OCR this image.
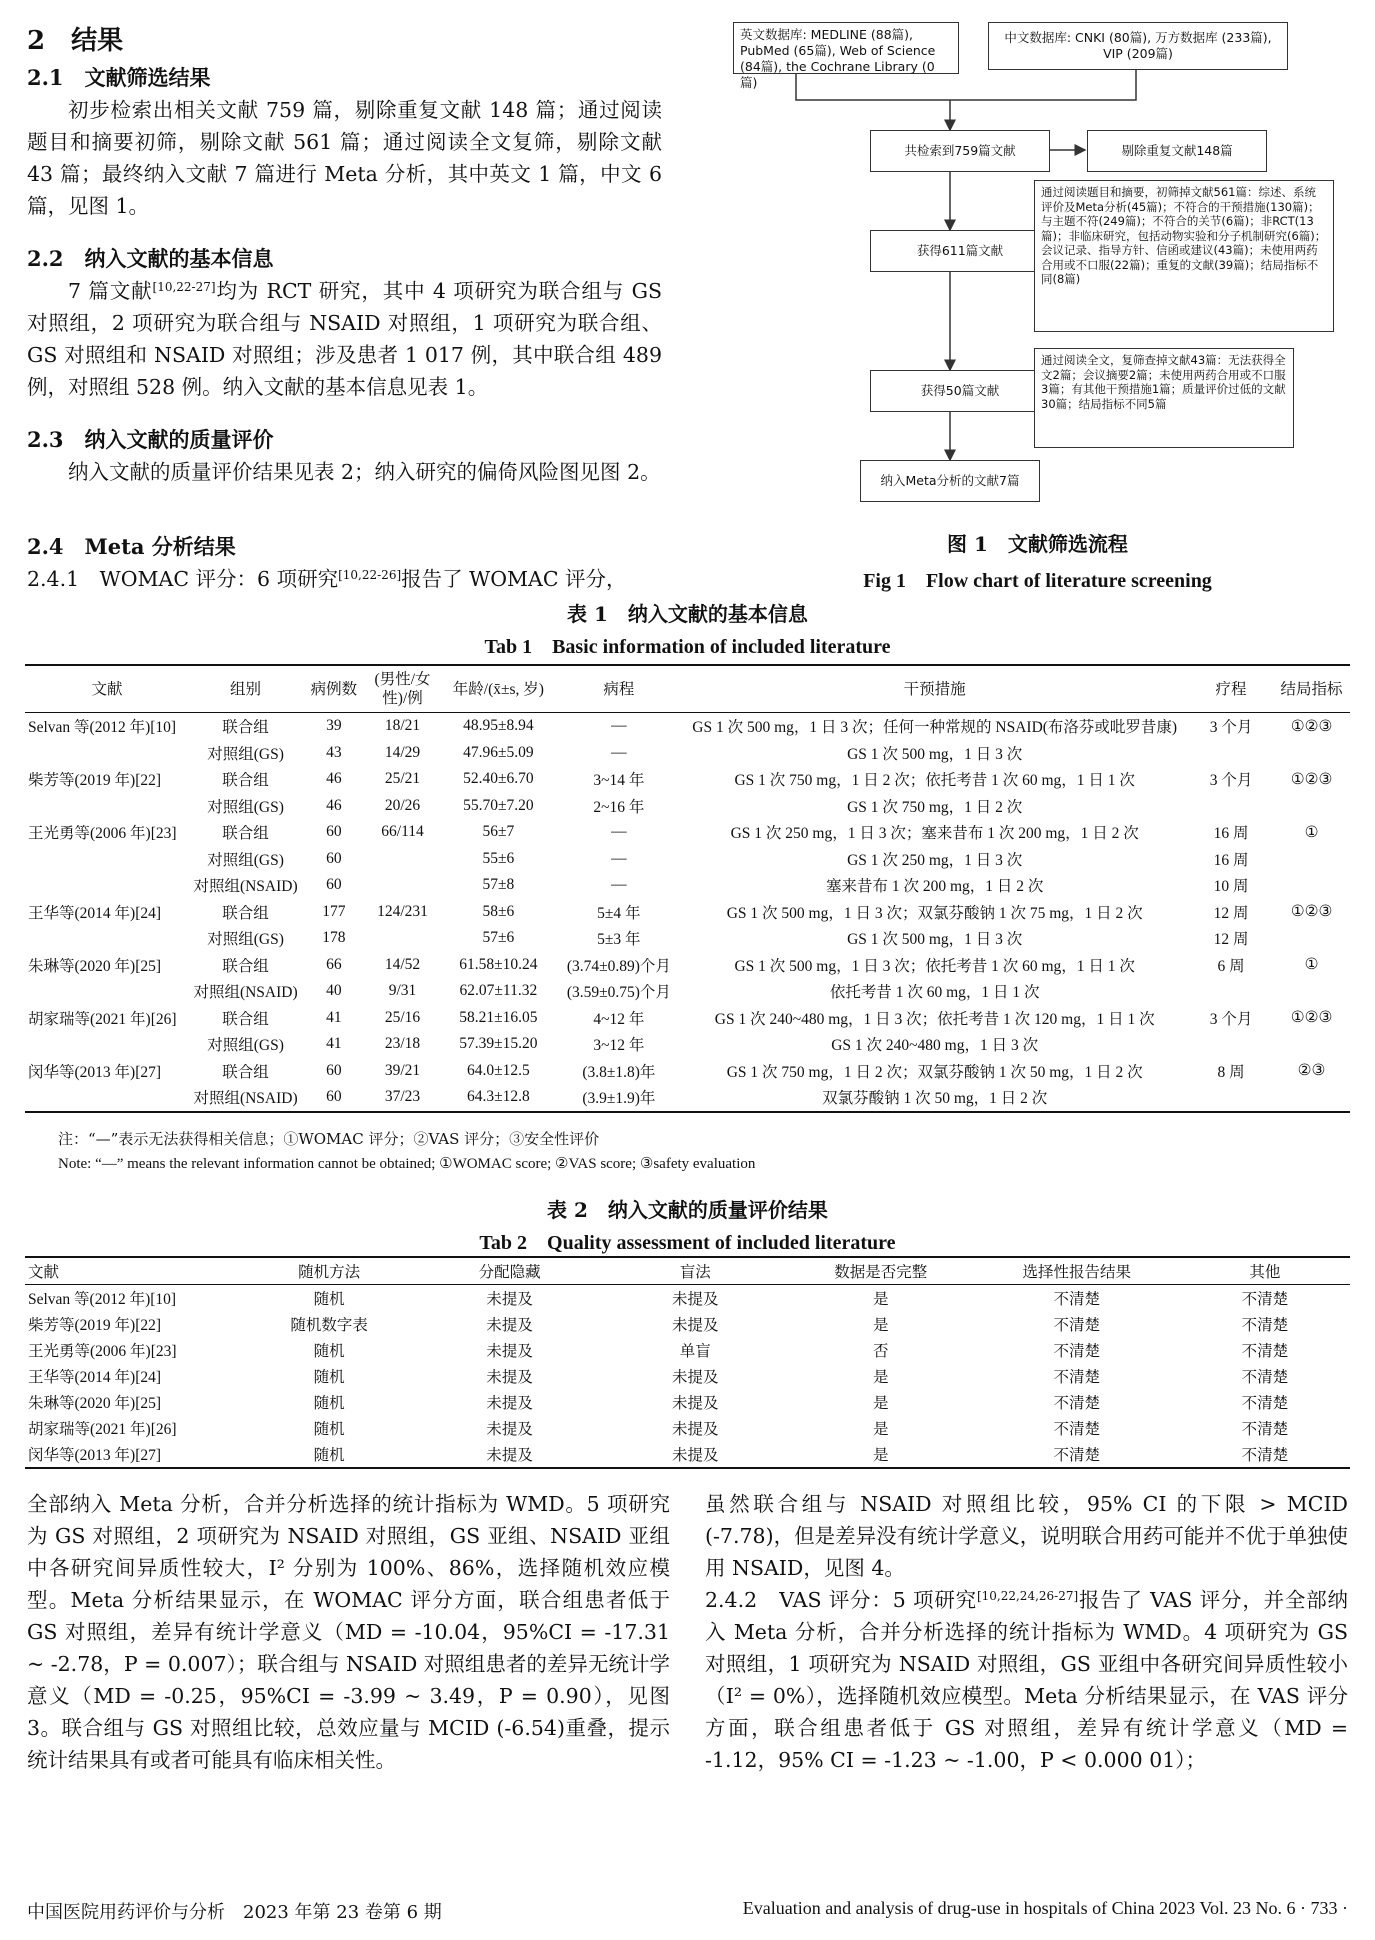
2　结果
2.1　文献筛选结果
初步检索出相关文献 759 篇，剔除重复文献 148 篇；通过阅读题目和摘要初筛，剔除文献 561 篇；通过阅读全文复筛，剔除文献 43 篇；最终纳入文献 7 篇进行 Meta 分析，其中英文 1 篇，中文 6 篇，见图 1。
2.2　纳入文献的基本信息
7 篇文献[10,22-27]均为 RCT 研究，其中 4 项研究为联合组与 GS 对照组，2 项研究为联合组与 NSAID 对照组，1 项研究为联合组、GS 对照组和 NSAID 对照组；涉及患者 1 017 例，其中联合组 489 例，对照组 528 例。纳入文献的基本信息见表 1。
2.3　纳入文献的质量评价
纳入文献的质量评价结果见表 2；纳入研究的偏倚风险图见图 2。
2.4　Meta 分析结果
2.4.1　WOMAC 评分：6 项研究[10,22-26]报告了 WOMAC 评分，
英文数据库: MEDLINE (88篇), PubMed (65篇), Web of Science (84篇), the Cochrane Library (0篇)
中文数据库: CNKI (80篇), 万方数据库 (233篇), VIP (209篇)
共检索到759篇文献	剔除重复文献148篇
获得611篇文献
通过阅读题目和摘要，初筛掉文献561篇：综述、系统评价及Meta分析(45篇)；不符合的干预措施(130篇)；与主题不符(249篇)；不符合的关节(6篇)；非RCT(13篇)；非临床研究，包括动物实验和分子机制研究(6篇)；会议记录、指导方针、信函或建议(43篇)；未使用两药合用或不口服(22篇)；重复的文献(39篇)；结局指标不同(8篇)
获得50篇文献
通过阅读全文，复筛查掉文献43篇：无法获得全文2篇；会议摘要2篇；未使用两药合用或不口服3篇；有其他干预措施1篇；质量评价过低的文献30篇；结局指标不同5篇
纳入Meta分析的文献7篇
图 1　文献筛选流程
Fig 1　Flow chart of literature screening
表 1　纳入文献的基本信息
Tab 1　Basic information of included literature
文献	组别	病例数	(男性/女性)/例	年龄/(x̄±s, 岁)	病程	干预措施	疗程	结局指标
Selvan 等(2012 年)[10]	联合组	39	18/21	48.95±8.94	—	GS 1 次 500 mg，1 日 3 次；任何一种常规的 NSAID(布洛芬或吡罗昔康)	3 个月	①②③
	对照组(GS)	43	14/29	47.96±5.09	—	GS 1 次 500 mg，1 日 3 次		
柴芳等(2019 年)[22]	联合组	46	25/21	52.40±6.70	3~14 年	GS 1 次 750 mg，1 日 2 次；依托考昔 1 次 60 mg，1 日 1 次	3 个月	①②③
	对照组(GS)	46	20/26	55.70±7.20	2~16 年	GS 1 次 750 mg，1 日 2 次		
王光勇等(2006 年)[23]	联合组	60	66/114	56±7	—	GS 1 次 250 mg，1 日 3 次；塞来昔布 1 次 200 mg，1 日 2 次	16 周	①
	对照组(GS)	60		55±6	—	GS 1 次 250 mg，1 日 3 次	16 周	
	对照组(NSAID)	60		57±8	—	塞来昔布 1 次 200 mg，1 日 2 次	10 周	
王华等(2014 年)[24]	联合组	177	124/231	58±6	5±4 年	GS 1 次 500 mg，1 日 3 次；双氯芬酸钠 1 次 75 mg，1 日 2 次	12 周	①②③
	对照组(GS)	178		57±6	5±3 年	GS 1 次 500 mg，1 日 3 次	12 周	
朱琳等(2020 年)[25]	联合组	66	14/52	61.58±10.24	(3.74±0.89)个月	GS 1 次 500 mg，1 日 3 次；依托考昔 1 次 60 mg，1 日 1 次	6 周	①
	对照组(NSAID)	40	9/31	62.07±11.32	(3.59±0.75)个月	依托考昔 1 次 60 mg，1 日 1 次		
胡家瑞等(2021 年)[26]	联合组	41	25/16	58.21±16.05	4~12 年	GS 1 次 240~480 mg，1 日 3 次；依托考昔 1 次 120 mg，1 日 1 次	3 个月	①②③
	对照组(GS)	41	23/18	57.39±15.20	3~12 年	GS 1 次 240~480 mg，1 日 3 次		
闵华等(2013 年)[27]	联合组	60	39/21	64.0±12.5	(3.8±1.8)年	GS 1 次 750 mg，1 日 2 次；双氯芬酸钠 1 次 50 mg，1 日 2 次	8 周	②③
	对照组(NSAID)	60	37/23	64.3±12.8	(3.9±1.9)年	双氯芬酸钠 1 次 50 mg，1 日 2 次		
注：“—”表示无法获得相关信息；①WOMAC 评分；②VAS 评分；③安全性评价
Note: “—” means the relevant information cannot be obtained; ①WOMAC score; ②VAS score; ③safety evaluation
表 2　纳入文献的质量评价结果
Tab 2　Quality assessment of included literature
文献	随机方法	分配隐藏	盲法	数据是否完整	选择性报告结果	其他
Selvan 等(2012 年)[10]	随机	未提及	未提及	是	不清楚	不清楚
柴芳等(2019 年)[22]	随机数字表	未提及	未提及	是	不清楚	不清楚
王光勇等(2006 年)[23]	随机	未提及	单盲	否	不清楚	不清楚
王华等(2014 年)[24]	随机	未提及	未提及	是	不清楚	不清楚
朱琳等(2020 年)[25]	随机	未提及	未提及	是	不清楚	不清楚
胡家瑞等(2021 年)[26]	随机	未提及	未提及	是	不清楚	不清楚
闵华等(2013 年)[27]	随机	未提及	未提及	是	不清楚	不清楚
全部纳入 Meta 分析，合并分析选择的统计指标为 WMD。5 项研究为 GS 对照组，2 项研究为 NSAID 对照组，GS 亚组、NSAID 亚组中各研究间异质性较大，I² 分别为 100%、86%，选择随机效应模型。Meta 分析结果显示，在 WOMAC 评分方面，联合组患者低于 GS 对照组，差异有统计学意义（MD = -10.04，95%CI = -17.31 ~ -2.78，P = 0.007）；联合组与 NSAID 对照组患者的差异无统计学意义（MD = -0.25，95%CI = -3.99 ~ 3.49，P = 0.90），见图 3。联合组与 GS 对照组比较，总效应量与 MCID (-6.54)重叠，提示统计结果具有或者可能具有临床相关性。
虽然联合组与 NSAID 对照组比较，95% CI 的下限 > MCID (-7.78)，但是差异没有统计学意义，说明联合用药可能并不优于单独使用 NSAID，见图 4。
2.4.2　VAS 评分：5 项研究[10,22,24,26-27]报告了 VAS 评分，并全部纳入 Meta 分析，合并分析选择的统计指标为 WMD。4 项研究为 GS 对照组，1 项研究为 NSAID 对照组，GS 亚组中各研究间异质性较小（I² = 0%），选择随机效应模型。Meta 分析结果显示，在 VAS 评分方面，联合组患者低于 GS 对照组，差异有统计学意义（MD = -1.12，95% CI = -1.23 ~ -1.00，P < 0.000 01）；
中国医院用药评价与分析　2023 年第 23 卷第 6 期	Evaluation and analysis of drug-use in hospitals of China 2023 Vol. 23 No. 6 · 733 ·
